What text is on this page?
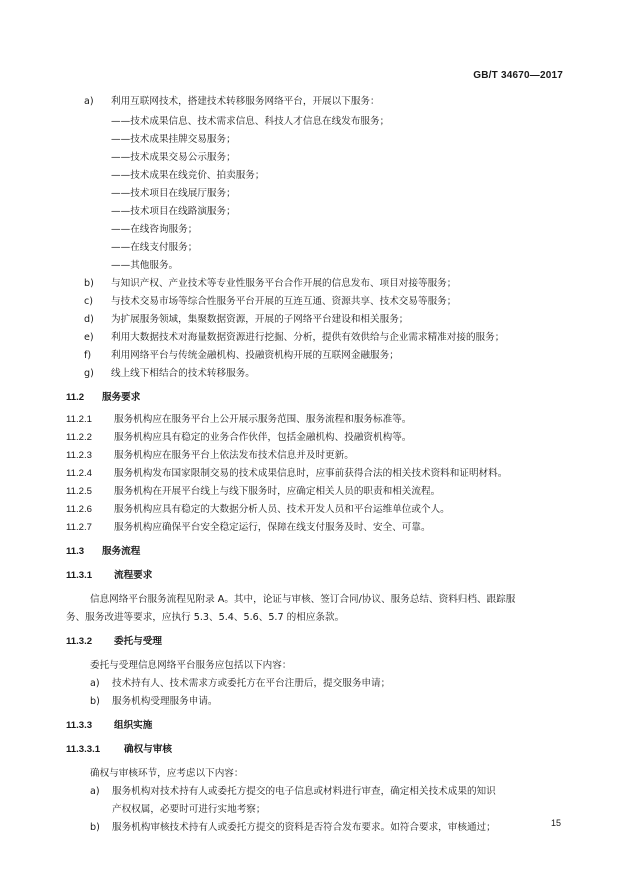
GB/T 34670—2017
a) 利用互联网技术，搭建技术转移服务网络平台，开展以下服务：
——技术成果信息、技术需求信息、科技人才信息在线发布服务；
——技术成果挂牌交易服务；
——技术成果交易公示服务；
——技术成果在线竞价、拍卖服务；
——技术项目在线展厅服务；
——技术项目在线路演服务；
——在线咨询服务；
——在线支付服务；
——其他服务。
b) 与知识产权、产业技术等专业性服务平台合作开展的信息发布、项目对接等服务；
c) 与技术交易市场等综合性服务平台开展的互连互通、资源共享、技术交易等服务；
d) 为扩展服务领域，集聚数据资源，开展的子网络平台建设和相关服务；
e) 利用大数据技术对海量数据资源进行挖掘、分析，提供有效供给与企业需求精准对接的服务；
f) 利用网络平台与传统金融机构、投融资机构开展的互联网金融服务；
g) 线上线下相结合的技术转移服务。
11.2 服务要求
11.2.1 服务机构应在服务平台上公开展示服务范围、服务流程和服务标准等。
11.2.2 服务机构应具有稳定的业务合作伙伴，包括金融机构、投融资机构等。
11.2.3 服务机构应在服务平台上依法发布技术信息并及时更新。
11.2.4 服务机构发布国家限制交易的技术成果信息时，应事前获得合法的相关技术资料和证明材料。
11.2.5 服务机构在开展平台线上与线下服务时，应确定相关人员的职责和相关流程。
11.2.6 服务机构应具有稳定的大数据分析人员、技术开发人员和平台运维单位或个人。
11.2.7 服务机构应确保平台安全稳定运行，保障在线支付服务及时、安全、可靠。
11.3 服务流程
11.3.1 流程要求
信息网络平台服务流程见附录 A。其中，论证与审核、签订合同/协议、服务总结、资料归档、跟踪服
务、服务改进等要求，应执行 5.3、5.4、5.6、5.7 的相应条款。
11.3.2 委托与受理
委托与受理信息网络平台服务应包括以下内容：
a) 技术持有人、技术需求方或委托方在平台注册后，提交服务申请；
b) 服务机构受理服务申请。
11.3.3 组织实施
11.3.3.1 确权与审核
确权与审核环节，应考虑以下内容：
a) 服务机构对技术持有人或委托方提交的电子信息或材料进行审查，确定相关技术成果的知识
产权权属，必要时可进行实地考察；
b) 服务机构审核技术持有人或委托方提交的资料是否符合发布要求。如符合要求，审核通过；	15
